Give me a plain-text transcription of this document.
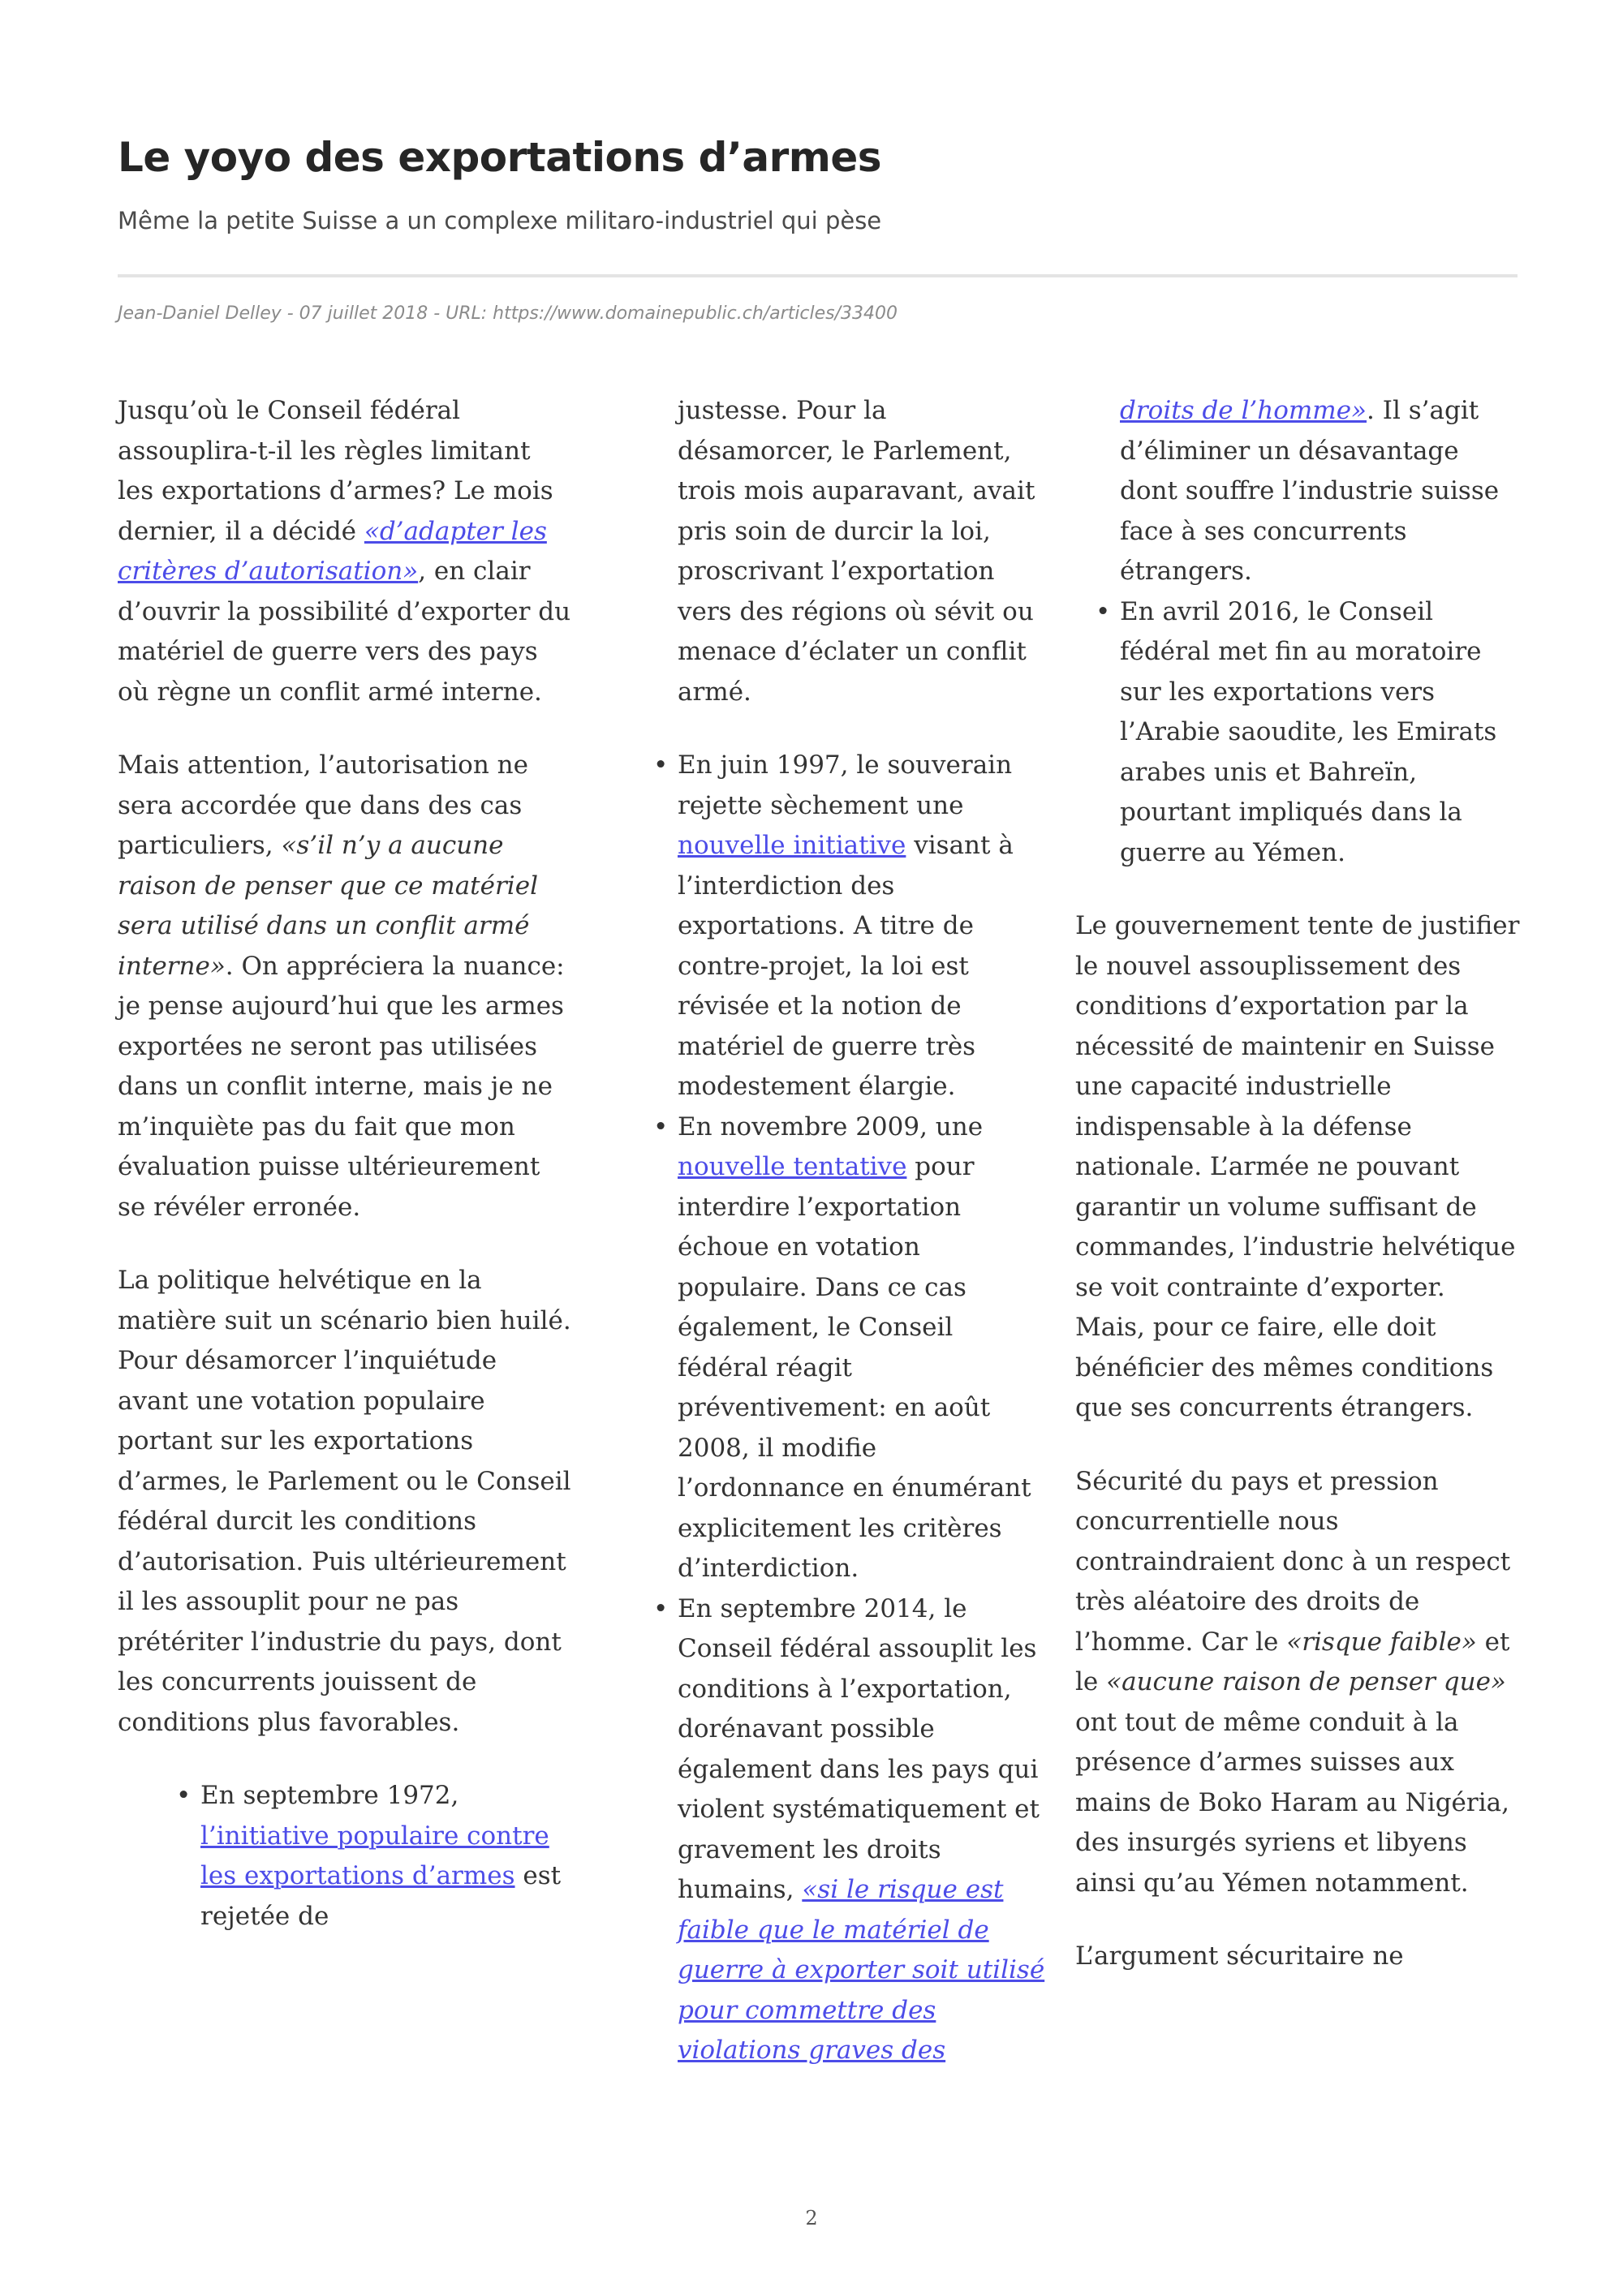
Le yoyo des exportations d’armes

Même la petite Suisse a un complexe militaro-industriel qui pèse

Jean-Daniel Delley - 07 juillet 2018 - URL: https://www.domainepublic.ch/articles/33400

Jusqu’où le Conseil fédéral assouplira-t-il les règles limitant les exportations d’armes? Le mois dernier, il a décidé «d’adapter les critères d’autorisation», en clair d’ouvrir la possibilité d’exporter du matériel de guerre vers des pays où règne un conflit armé interne.

Mais attention, l’autorisation ne sera accordée que dans des cas particuliers, «s’il n’y a aucune raison de penser que ce matériel sera utilisé dans un conflit armé interne». On appréciera la nuance: je pense aujourd’hui que les armes exportées ne seront pas utilisées dans un conflit interne, mais je ne m’inquiète pas du fait que mon évaluation puisse ultérieurement se révéler erronée.

La politique helvétique en la matière suit un scénario bien huilé. Pour désamorcer l’inquiétude avant une votation populaire portant sur les exportations d’armes, le Parlement ou le Conseil fédéral durcit les conditions d’autorisation. Puis ultérieurement il les assouplit pour ne pas prétériter l’industrie du pays, dont les concurrents jouissent de conditions plus favorables.

• En septembre 1972, l’initiative populaire contre les exportations d’armes est rejetée de

justesse. Pour la désamorcer, le Parlement, trois mois auparavant, avait pris soin de durcir la loi, proscrivant l’exportation vers des régions où sévit ou menace d’éclater un conflit armé.

• En juin 1997, le souverain rejette sèchement une nouvelle initiative visant à l’interdiction des exportations. A titre de contre-projet, la loi est révisée et la notion de matériel de guerre très modestement élargie.
• En novembre 2009, une nouvelle tentative pour interdire l’exportation échoue en votation populaire. Dans ce cas également, le Conseil fédéral réagit préventivement: en août 2008, il modifie l’ordonnance en énumérant explicitement les critères d’interdiction.
• En septembre 2014, le Conseil fédéral assouplit les conditions à l’exportation, dorénavant possible également dans les pays qui violent systématiquement et gravement les droits humains, «si le risque est faible que le matériel de guerre à exporter soit utilisé pour commettre des violations graves des
droits de l’homme». Il s’agit d’éliminer un désavantage dont souffre l’industrie suisse face à ses concurrents étrangers.
• En avril 2016, le Conseil fédéral met fin au moratoire sur les exportations vers l’Arabie saoudite, les Emirats arabes unis et Bahreïn, pourtant impliqués dans la guerre au Yémen.

Le gouvernement tente de justifier le nouvel assouplissement des conditions d’exportation par la nécessité de maintenir en Suisse une capacité industrielle indispensable à la défense nationale. L’armée ne pouvant garantir un volume suffisant de commandes, l’industrie helvétique se voit contrainte d’exporter. Mais, pour ce faire, elle doit bénéficier des mêmes conditions que ses concurrents étrangers.

Sécurité du pays et pression concurrentielle nous contraindraient donc à un respect très aléatoire des droits de l’homme. Car le «risque faible» et le «aucune raison de penser que» ont tout de même conduit à la présence d’armes suisses aux mains de Boko Haram au Nigéria, des insurgés syriens et libyens ainsi qu’au Yémen notamment.

L’argument sécuritaire ne

2
